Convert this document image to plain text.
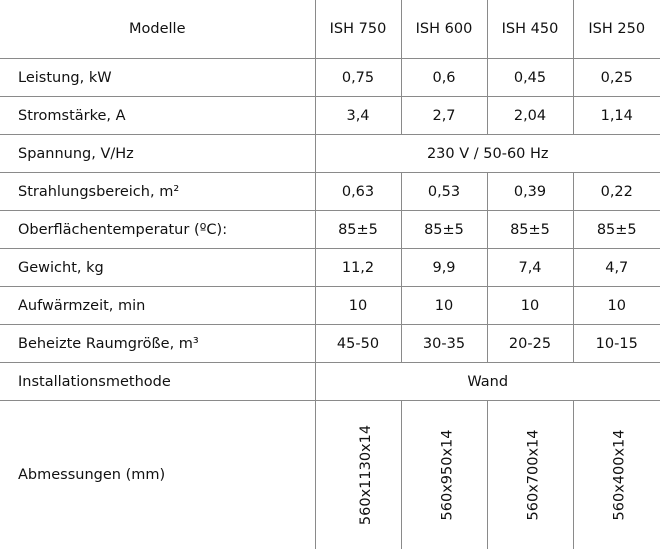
Modelle	ISH 750	ISH 600	ISH 450	ISH 250
Leistung, kW	0,75	0,6	0,45	0,25
Stromstärke, A	3,4	2,7	2,04	1,14
Spannung, V/Hz	230 V / 50-60 Hz			
Strahlungsbereich, m²	0,63	0,53	0,39	0,22
Oberflächentemperatur (ºC):	85±5	85±5	85±5	85±5
Gewicht, kg	11,2	9,9	7,4	4,7
Aufwärmzeit, min	10	10	10	10
Beheizte Raumgröße, m³	45-50	30-35	20-25	10-15
Installationsmethode	Wand			
Abmessungen (mm)	560x1130x14	560x950x14	560x700x14	560x400x14
